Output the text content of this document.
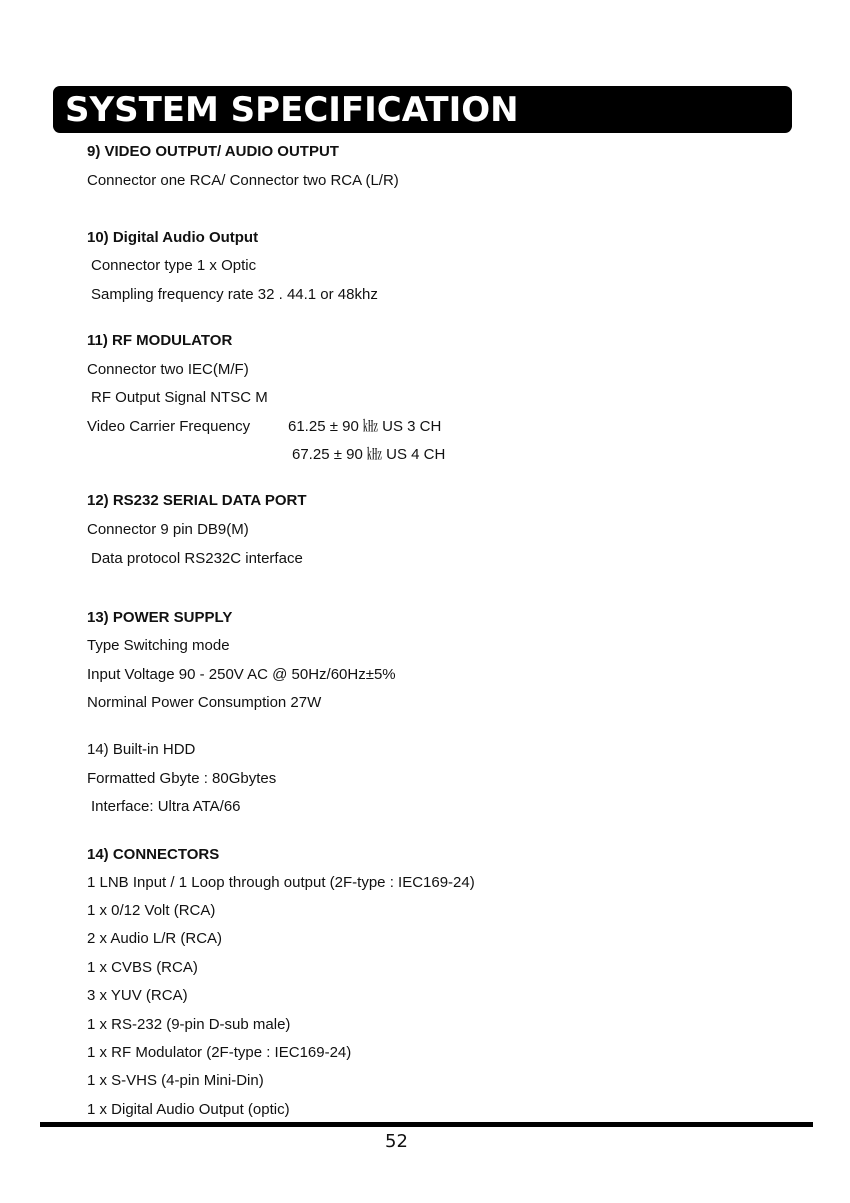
SYSTEM SPECIFICATION
9) VIDEO OUTPUT/ AUDIO OUTPUT
Connector one RCA/ Connector two RCA (L/R)
10) Digital Audio Output
Connector type 1 x Optic
Sampling frequency rate 32 . 44.1 or 48khz
11) RF MODULATOR
Connector two IEC(M/F)
RF Output Signal NTSC M
Video Carrier Frequency	61.25 ± 90 ㎑ US 3 CH
67.25 ± 90 ㎑ US 4 CH
12) RS232 SERIAL DATA PORT
Connector 9 pin DB9(M)
Data protocol RS232C interface
13) POWER SUPPLY
Type Switching mode
Input Voltage 90 - 250V AC @ 50Hz/60Hz±5%
Norminal Power Consumption 27W
14) Built-in HDD
Formatted Gbyte : 80Gbytes
Interface: Ultra ATA/66
14) CONNECTORS
1 LNB Input / 1 Loop through output (2F-type : IEC169-24)
1 x 0/12 Volt (RCA)
2 x Audio L/R (RCA)
1 x CVBS (RCA)
3 x YUV (RCA)
1 x RS-232 (9-pin D-sub male)
1 x RF Modulator (2F-type : IEC169-24)
1 x S-VHS (4-pin Mini-Din)
1 x Digital Audio Output (optic)
52
